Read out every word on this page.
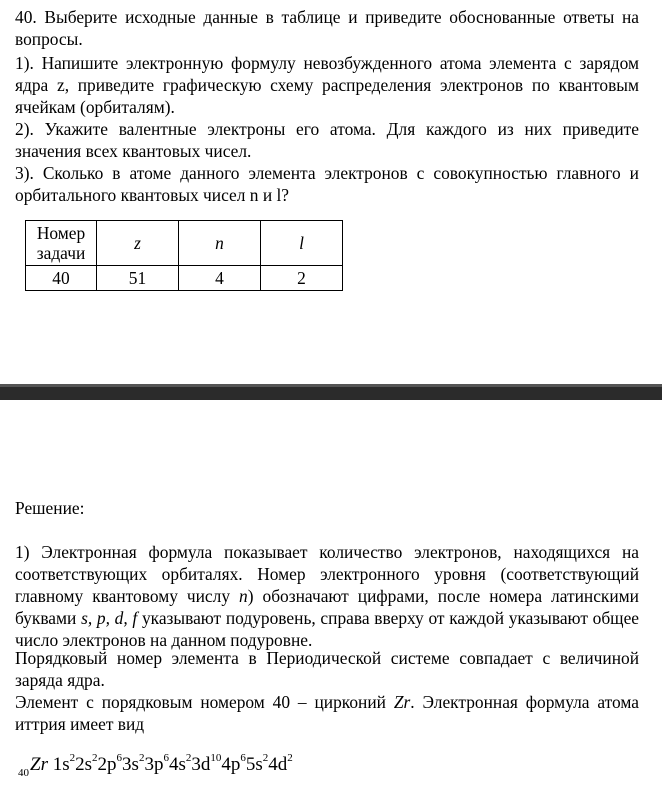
40. Выберите исходные данные в таблице и приведите обоснованные ответы на вопросы.

1). Напишите электронную формулу невозбужденного атома элемента с зарядом ядра z, приведите графическую схему распределения электронов по квантовым ячейкам (орбиталям).

2). Укажите валентные электроны его атома. Для каждого из них приведите значения всех квантовых чисел.

3). Сколько в атоме данного элемента электронов с совокупностью главного и орбитального квантовых чисел n и l?

Номер задачи	z	n	l
40	51	4	2

Решение:

1) Электронная формула показывает количество электронов, находящихся на соответствующих орбиталях. Номер электронного уровня (соответствующий главному квантовому числу n) обозначают цифрами, после номера латинскими буквами s, p, d, f указывают подуровень, справа вверху от каждой указывают общее число электронов на данном подуровне.

Порядковый номер элемента в Периодической системе совпадает с величиной заряда ядра.

Элемент с порядковым номером 40 – цирконий Zr. Электронная формула атома иттрия имеет вид

$_{40}$Zr $1s^22s^22p^63s^23p^64s^23d^{10}4p^65s^24d^2$
